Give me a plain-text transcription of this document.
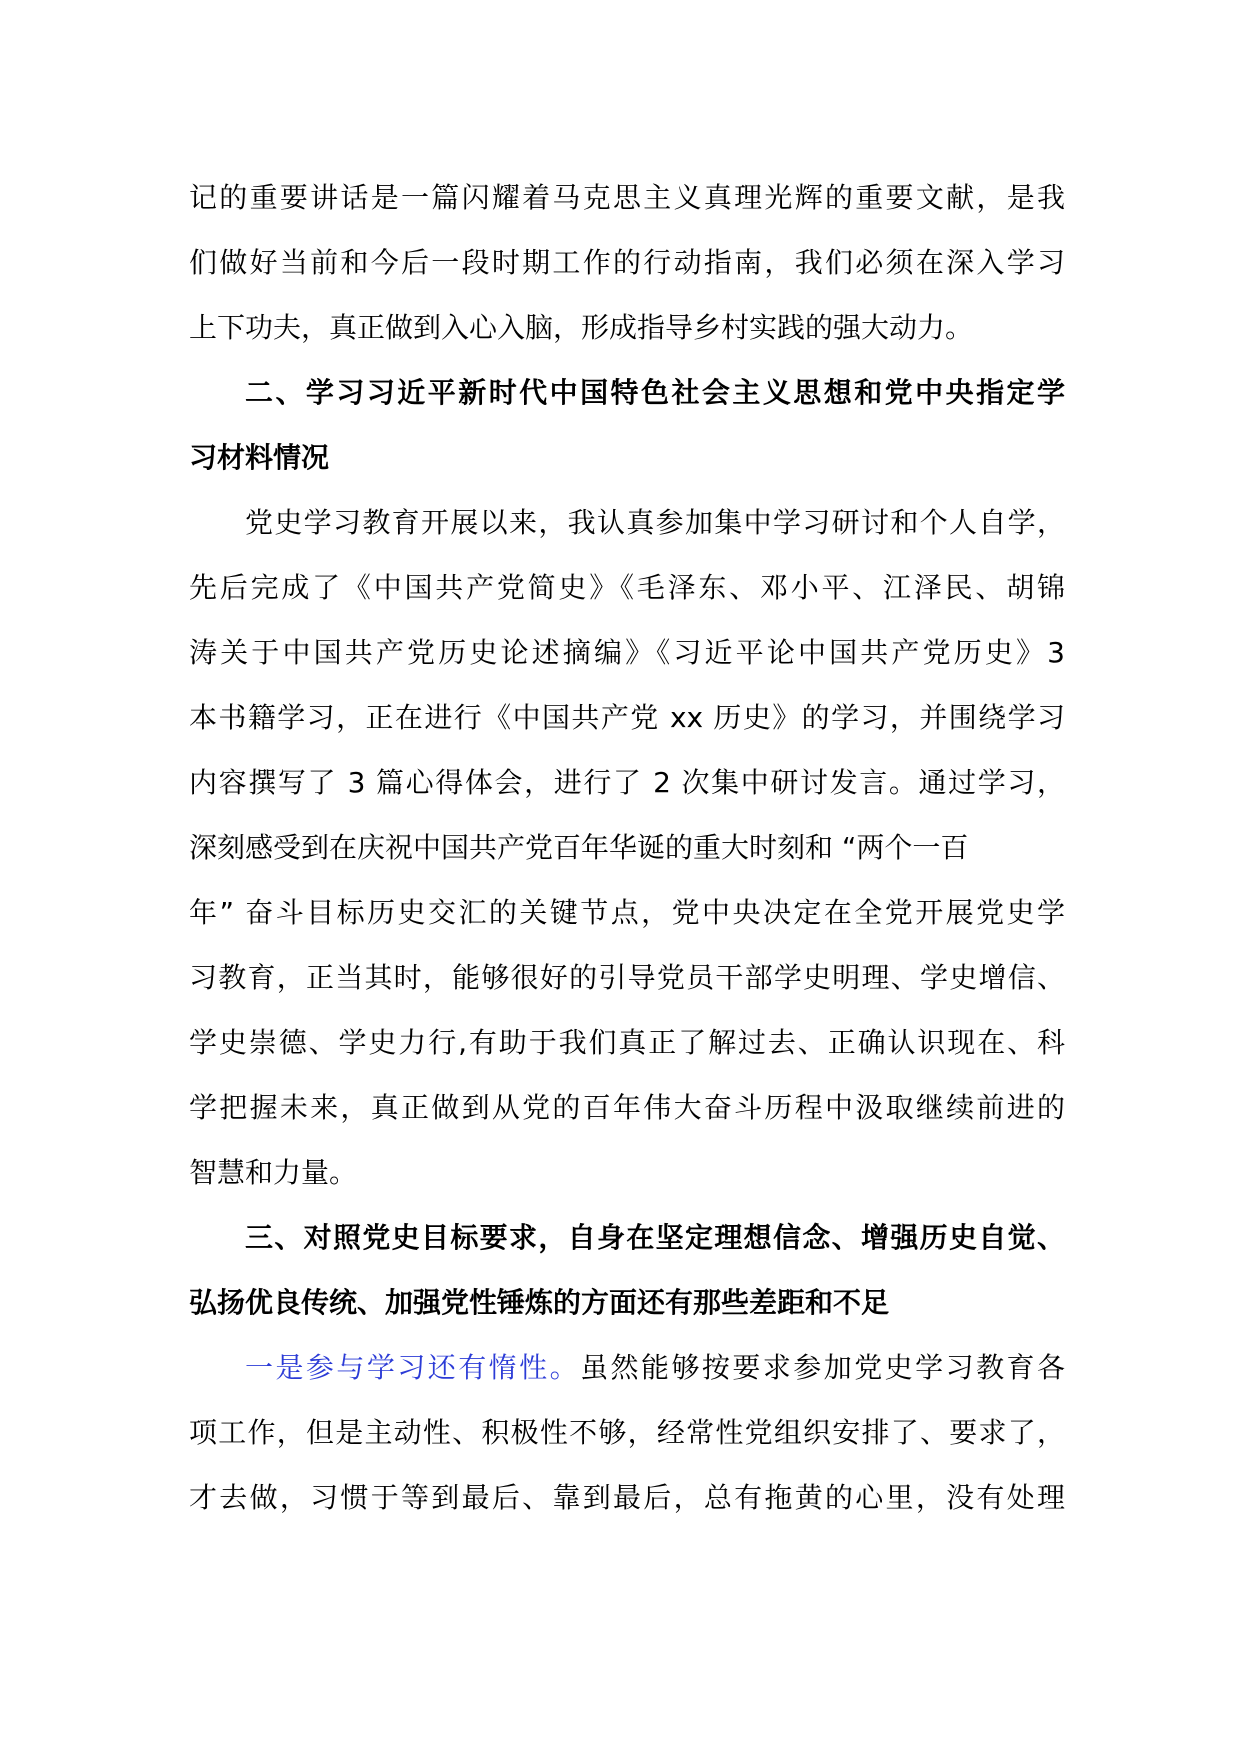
记的重要讲话是一篇闪耀着马克思主义真理光辉的重要文献，是我
们做好当前和今后一段时期工作的行动指南，我们必须在深入学习
上下功夫，真正做到入心入脑，形成指导乡村实践的强大动力。
二、学习习近平新时代中国特色社会主义思想和党中央指定学
习材料情况
党史学习教育开展以来，我认真参加集中学习研讨和个人自学，
先后完成了《中国共产党简史》《毛泽东、邓小平、江泽民、胡锦
涛关于中国共产党历史论述摘编》《习近平论中国共产党历史》3
本书籍学习，正在进行《中国共产党 xx 历史》的学习，并围绕学习
内容撰写了 3 篇心得体会，进行了 2 次集中研讨发言。通过学习，
深刻感受到在庆祝中国共产党百年华诞的重大时刻和 “两个一百
年” 奋斗目标历史交汇的关键节点，党中央决定在全党开展党史学
习教育，正当其时，能够很好的引导党员干部学史明理、学史增信、
学史崇德、学史力行,有助于我们真正了解过去、正确认识现在、科
学把握未来，真正做到从党的百年伟大奋斗历程中汲取继续前进的
智慧和力量。
三、对照党史目标要求，自身在坚定理想信念、增强历史自觉、
弘扬优良传统、加强党性锤炼的方面还有那些差距和不足
一是参与学习还有惰性。虽然能够按要求参加党史学习教育各
项工作，但是主动性、积极性不够，经常性党组织安排了、要求了，
才去做，习惯于等到最后、靠到最后，总有拖黄的心里，没有处理
